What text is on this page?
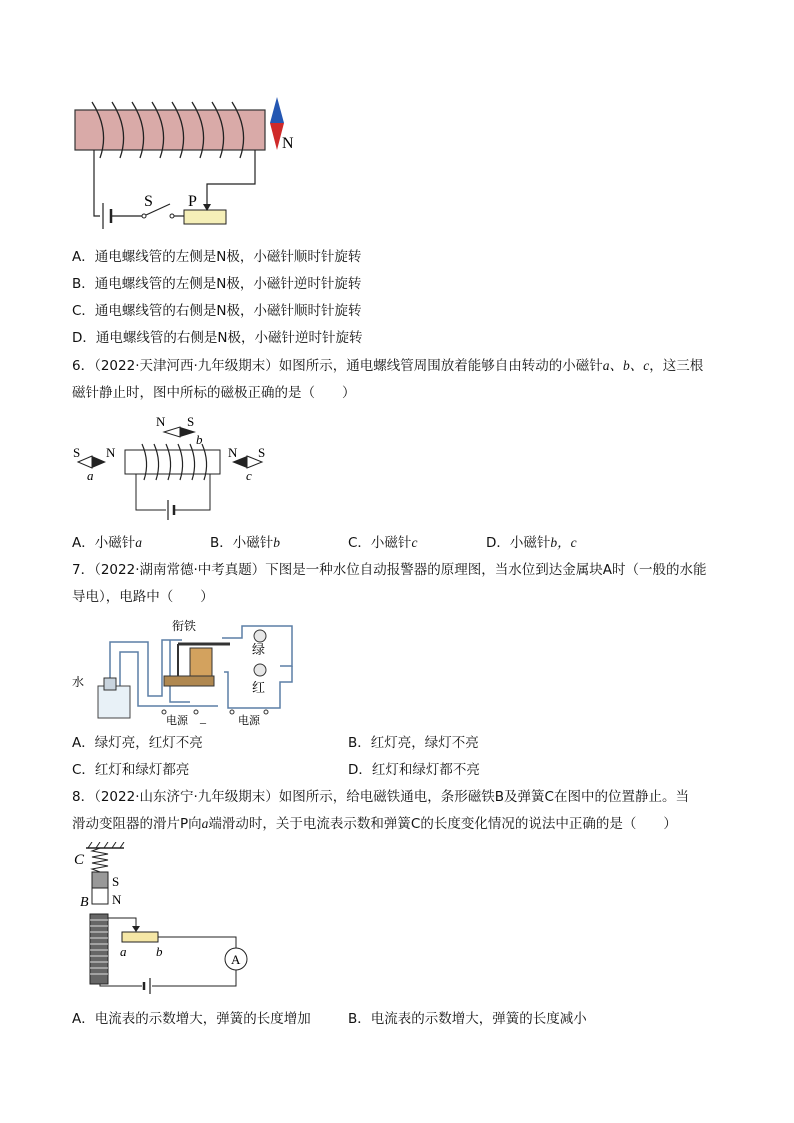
S P
N
A．通电螺线管的左侧是N极，小磁针顺时针旋转
B．通电螺线管的左侧是N极，小磁针逆时针旋转
C．通电螺线管的右侧是N极，小磁针顺时针旋转
D．通电螺线管的右侧是N极，小磁针逆时针旋转
6．（2022·天津河西·九年级期末）如图所示，通电螺线管周围放着能够自由转动的小磁针a、b、c，这三根
磁针静止时，图中所标的磁极正确的是（　　）
N S
b
S N
a
N S
c
A．小磁针a	B．小磁针b	C．小磁针c	D．小磁针b，c
7．（2022·湖南常德·中考真题）下图是一种水位自动报警器的原理图，当水位到达金属块A时（一般的水能
导电），电路中（　　）
衔铁
绿
红
水
电源 _	电源
A．绿灯亮，红灯不亮	B．红灯亮，绿灯不亮
C．红灯和绿灯都亮	D．红灯和绿灯都不亮
8．（2022·山东济宁·九年级期末）如图所示，给电磁铁通电，条形磁铁B及弹簧C在图中的位置静止。当
滑动变阻器的滑片P向a端滑动时，关于电流表示数和弹簧C的长度变化情况的说法中正确的是（　　）
C
S
N
B
a b
A
A．电流表的示数增大，弹簧的长度增加	B．电流表的示数增大，弹簧的长度减小
